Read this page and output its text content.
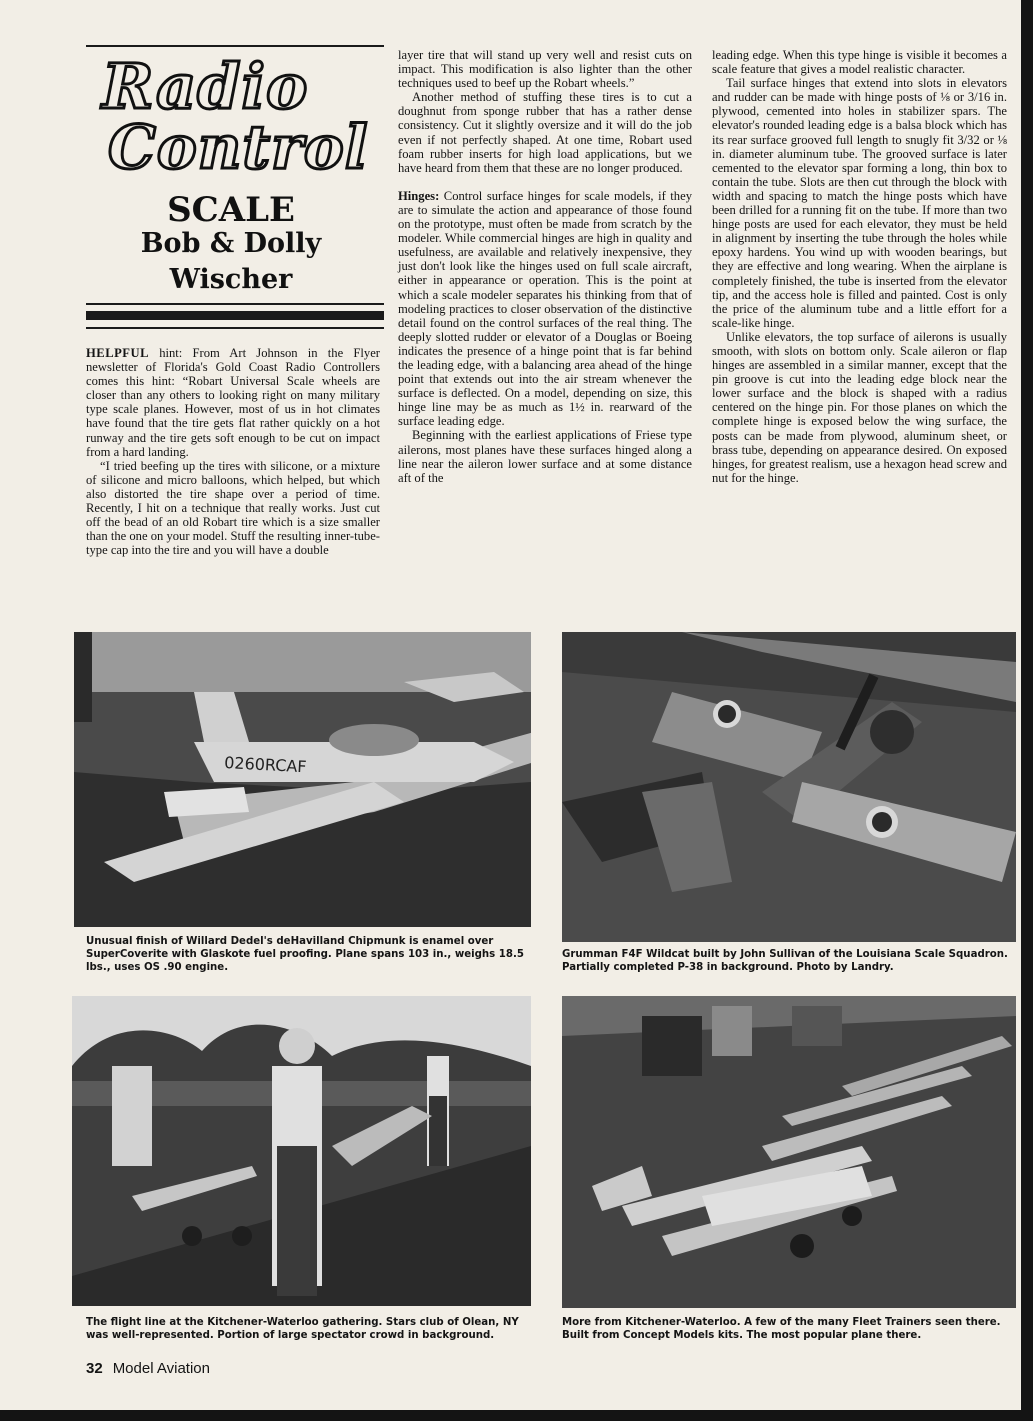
Radio
Control
SCALE
Bob & Dolly
Wischer

HELPFUL hint: From Art Johnson in the Flyer newsletter of Florida's Gold Coast Radio Controllers comes this hint: “Robart Universal Scale wheels are closer than any others to looking right on many military type scale planes. However, most of us in hot climates have found that the tire gets flat rather quickly on a hot runway and the tire gets soft enough to be cut on impact from a hard landing.

“I tried beefing up the tires with silicone, or a mixture of silicone and micro balloons, which helped, but which also distorted the tire shape over a period of time. Recently, I hit on a technique that really works. Just cut off the bead of an old Robart tire which is a size smaller than the one on your model. Stuff the resulting inner-tube-type cap into the tire and you will have a double

layer tire that will stand up very well and resist cuts on impact. This modification is also lighter than the other techniques used to beef up the Robart wheels.”

Another method of stuffing these tires is to cut a doughnut from sponge rubber that has a rather dense consistency. Cut it slightly oversize and it will do the job even if not perfectly shaped. At one time, Robart used foam rubber inserts for high load applications, but we have heard from them that these are no longer produced.

Hinges: Control surface hinges for scale models, if they are to simulate the action and appearance of those found on the prototype, must often be made from scratch by the modeler. While commercial hinges are high in quality and usefulness, are available and relatively inexpensive, they just don't look like the hinges used on full scale aircraft, either in appearance or operation. This is the point at which a scale modeler separates his thinking from that of modeling practices to closer observation of the distinctive detail found on the control surfaces of the real thing. The deeply slotted rudder or elevator of a Douglas or Boeing indicates the presence of a hinge point that is far behind the leading edge, with a balancing area ahead of the hinge point that extends out into the air stream whenever the surface is deflected. On a model, depending on size, this hinge line may be as much as 1½ in. rearward of the surface leading edge.

Beginning with the earliest applications of Friese type ailerons, most planes have these surfaces hinged along a line near the aileron lower surface and at some distance aft of the

leading edge. When this type hinge is visible it becomes a scale feature that gives a model realistic character.

Tail surface hinges that extend into slots in elevators and rudder can be made with hinge posts of ⅛ or 3/16 in. plywood, cemented into holes in stabilizer spars. The elevator's rounded leading edge is a balsa block which has its rear surface grooved full length to snugly fit 3/32 or ⅛ in. diameter aluminum tube. The grooved surface is later cemented to the elevator spar forming a long, thin box to contain the tube. Slots are then cut through the block with width and spacing to match the hinge posts which have been drilled for a running fit on the tube. If more than two hinge posts are used for each elevator, they must be held in alignment by inserting the tube through the holes while epoxy hardens. You wind up with wooden bearings, but they are effective and long wearing. When the airplane is completely finished, the tube is inserted from the elevator tip, and the access hole is filled and painted. Cost is only the price of the aluminum tube and a little effort for a scale-like hinge.

Unlike elevators, the top surface of ailerons is usually smooth, with slots on bottom only. Scale aileron or flap hinges are assembled in a similar manner, except that the pin groove is cut into the leading edge block near the lower surface and the block is shaped with a radius centered on the hinge pin. For those planes on which the complete hinge is exposed below the wing surface, the posts can be made from plywood, aluminum sheet, or brass tube, depending on appearance desired. On exposed hinges, for greatest realism, use a hexagon head screw and nut for the hinge.

0260RCAF
Unusual finish of Willard Dedel's deHavilland Chipmunk is enamel over SuperCoverite with Glaskote fuel proofing. Plane spans 103 in., weighs 18.5 lbs., uses OS .90 engine.
Grumman F4F Wildcat built by John Sullivan of the Louisiana Scale Squadron. Partially completed P-38 in background. Photo by Landry.
The flight line at the Kitchener-Waterloo gathering. Stars club of Olean, NY was well-represented. Portion of large spectator crowd in background.
More from Kitchener-Waterloo. A few of the many Fleet Trainers seen there. Built from Concept Models kits. The most popular plane there.
32 Model Aviation
